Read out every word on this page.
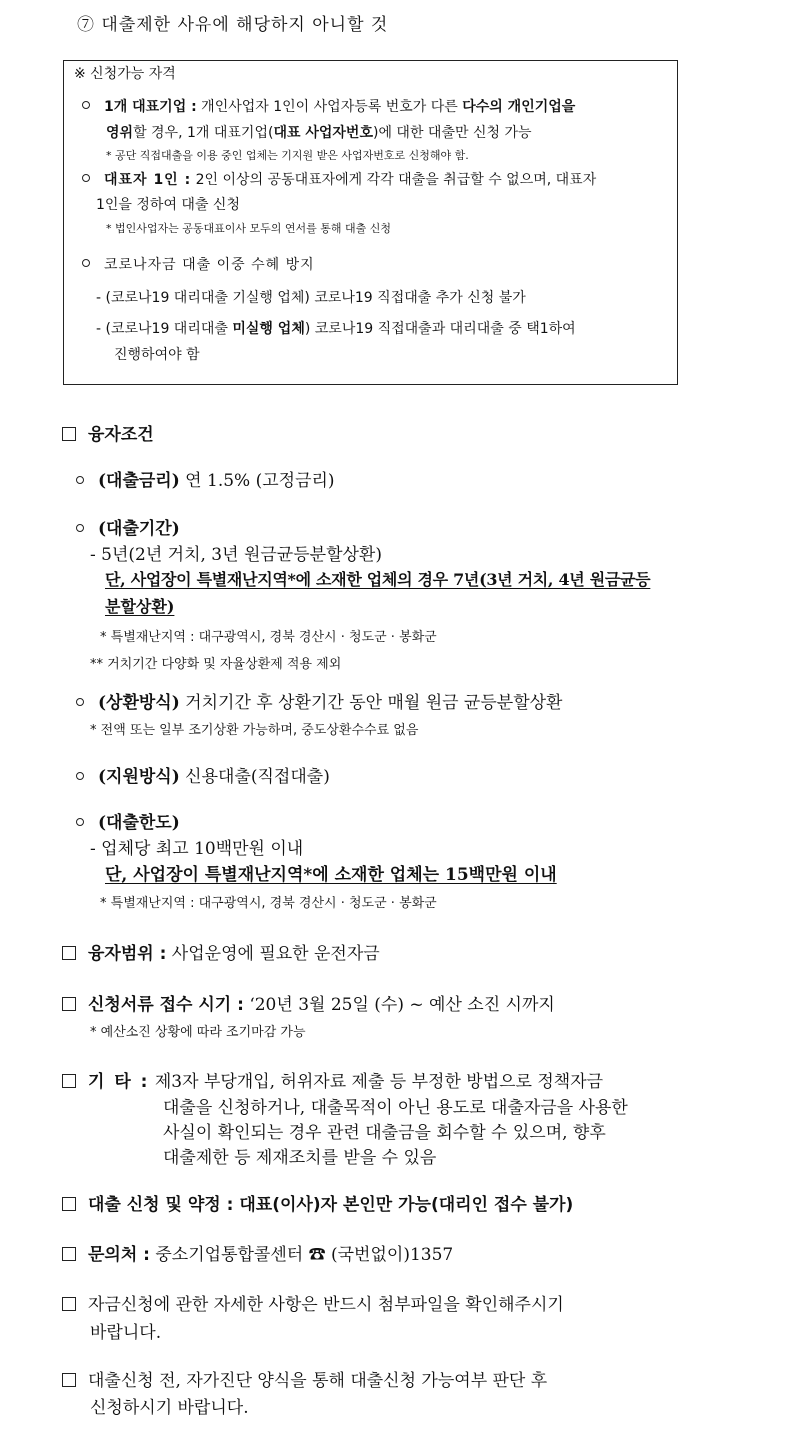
⑦ 대출제한 사유에 해당하지 아니할 것
※ 신청가능 자격
1개 대표기업 : 개인사업자 1인이 사업자등록 번호가 다른 다수의 개인기업을
영위할 경우, 1개 대표기업(대표 사업자번호)에 대한 대출만 신청 가능
* 공단 직접대출을 이용 중인 업체는 기지원 받은 사업자번호로 신청해야 함.
대표자 1인 : 2인 이상의 공동대표자에게 각각 대출을 취급할 수 없으며, 대표자
1인을 정하여 대출 신청
* 법인사업자는 공동대표이사 모두의 연서를 통해 대출 신청
코로나자금 대출 이중 수혜 방지
- (코로나19 대리대출 기실행 업체) 코로나19 직접대출 추가 신청 불가
- (코로나19 대리대출 미실행 업체) 코로나19 직접대출과 대리대출 중 택1하여
진행하여야 함
융자조건
(대출금리) 연 1.5% (고정금리)
(대출기간)
- 5년(2년 거치, 3년 원금균등분할상환)
단, 사업장이 특별재난지역*에 소재한 업체의 경우 7년(3년 거치, 4년 원금균등
분할상환)
* 특별재난지역 : 대구광역시, 경북 경산시 · 청도군 · 봉화군
** 거치기간 다양화 및 자율상환제 적용 제외
(상환방식) 거치기간 후 상환기간 동안 매월 원금 균등분할상환
* 전액 또는 일부 조기상환 가능하며, 중도상환수수료 없음
(지원방식) 신용대출(직접대출)
(대출한도)
- 업체당 최고 10백만원 이내
단, 사업장이 특별재난지역*에 소재한 업체는 15백만원 이내
* 특별재난지역 : 대구광역시, 경북 경산시 · 청도군 · 봉화군
융자범위 : 사업운영에 필요한 운전자금
신청서류 접수 시기 : ‘20년 3월 25일 (수) ~ 예산 소진 시까지
* 예산소진 상황에 따라 조기마감 가능
기 타 : 제3자 부당개입, 허위자료 제출 등 부정한 방법으로 정책자금
대출을 신청하거나, 대출목적이 아닌 용도로 대출자금을 사용한
사실이 확인되는 경우 관련 대출금을 회수할 수 있으며, 향후
대출제한 등 제재조치를 받을 수 있음
대출 신청 및 약정 : 대표(이사)자 본인만 가능(대리인 접수 불가)
문의처 : 중소기업통합콜센터 ☎ (국번없이)1357
자금신청에 관한 자세한 사항은 반드시 첨부파일을 확인해주시기
바랍니다.
대출신청 전, 자가진단 양식을 통해 대출신청 가능여부 판단 후
신청하시기 바랍니다.
